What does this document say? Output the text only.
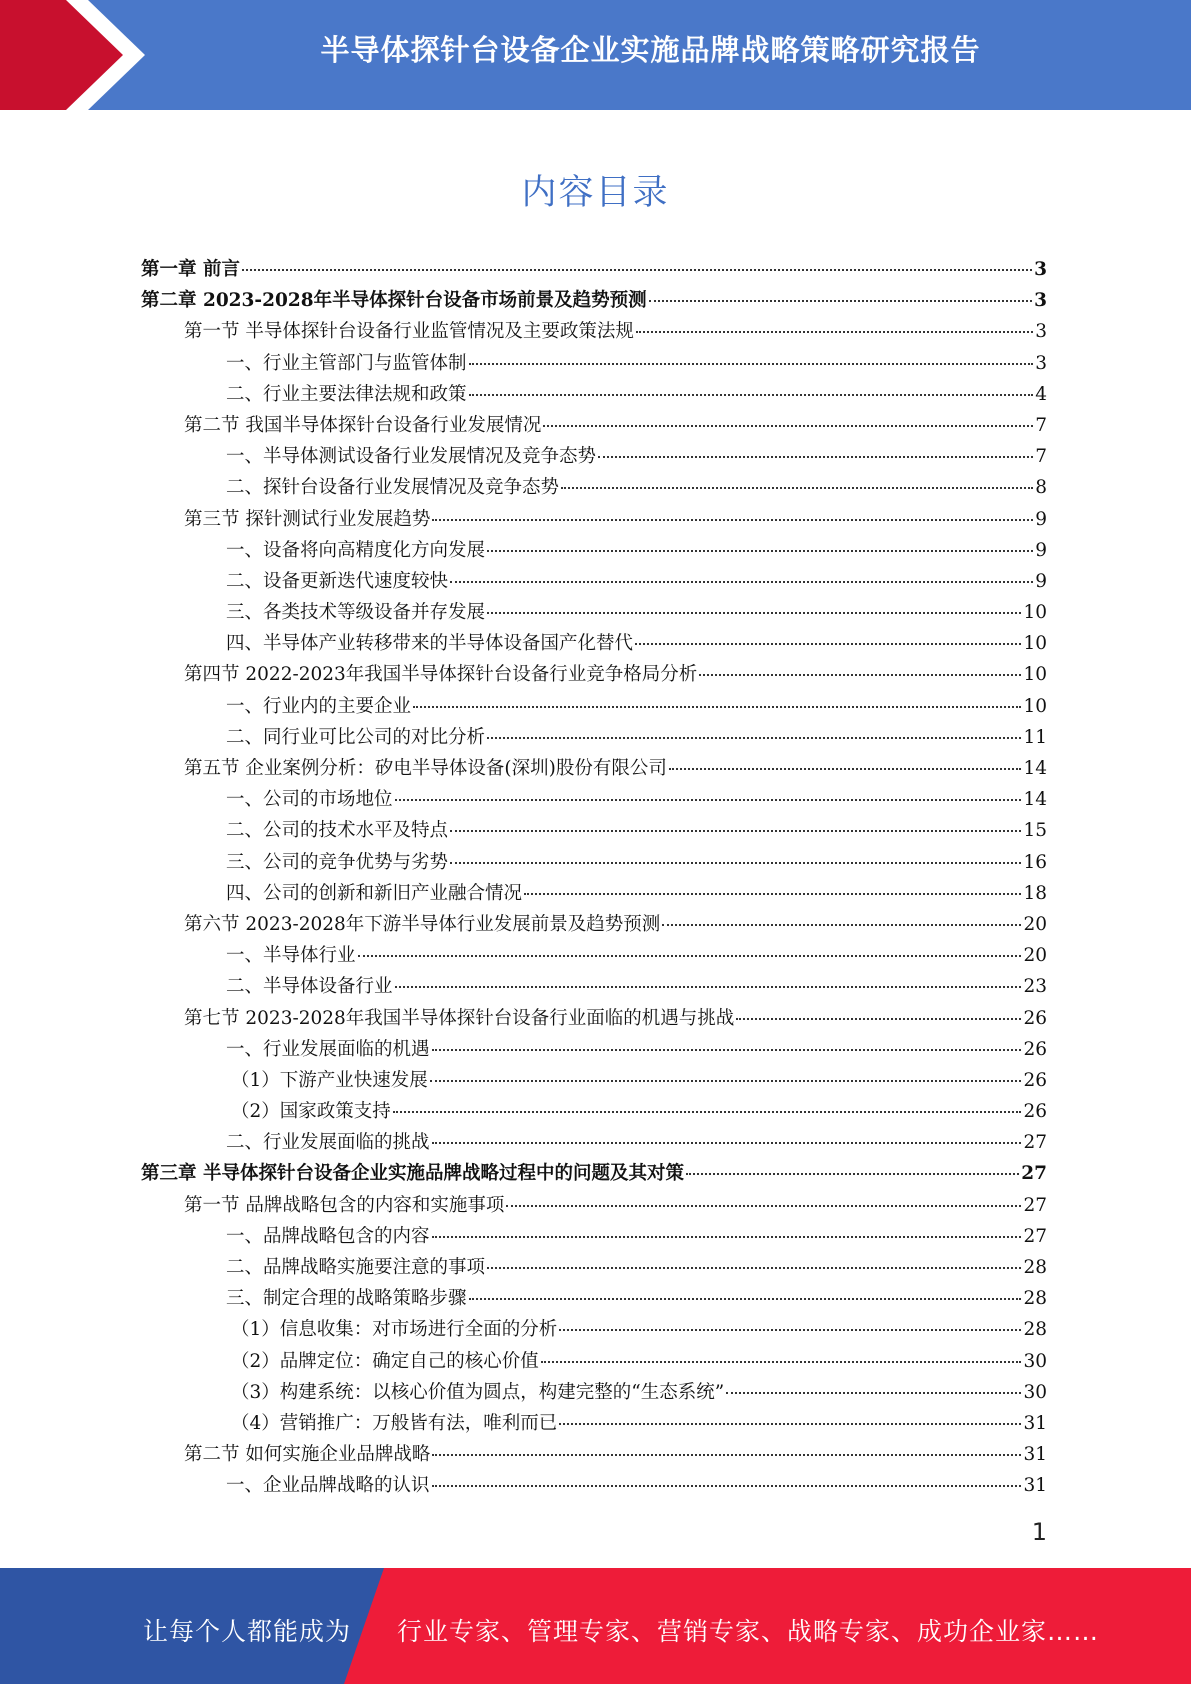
半导体探针台设备企业实施品牌战略策略研究报告
内容目录
第一章 前言	3
第二章 2023-2028年半导体探针台设备市场前景及趋势预测	3
第一节 半导体探针台设备行业监管情况及主要政策法规	3
一、行业主管部门与监管体制	3
二、行业主要法律法规和政策	4
第二节 我国半导体探针台设备行业发展情况	7
一、半导体测试设备行业发展情况及竞争态势	7
二、探针台设备行业发展情况及竞争态势	8
第三节 探针测试行业发展趋势	9
一、设备将向高精度化方向发展	9
二、设备更新迭代速度较快	9
三、各类技术等级设备并存发展	10
四、半导体产业转移带来的半导体设备国产化替代	10
第四节 2022-2023年我国半导体探针台设备行业竞争格局分析	10
一、行业内的主要企业	10
二、同行业可比公司的对比分析	11
第五节 企业案例分析：矽电半导体设备(深圳)股份有限公司	14
一、公司的市场地位	14
二、公司的技术水平及特点	15
三、公司的竞争优势与劣势	16
四、公司的创新和新旧产业融合情况	18
第六节 2023-2028年下游半导体行业发展前景及趋势预测	20
一、半导体行业	20
二、半导体设备行业	23
第七节 2023-2028年我国半导体探针台设备行业面临的机遇与挑战	26
一、行业发展面临的机遇	26
（1）下游产业快速发展	26
（2）国家政策支持	26
二、行业发展面临的挑战	27
第三章 半导体探针台设备企业实施品牌战略过程中的问题及其对策	27
第一节 品牌战略包含的内容和实施事项	27
一、品牌战略包含的内容	27
二、品牌战略实施要注意的事项	28
三、制定合理的战略策略步骤	28
（1）信息收集：对市场进行全面的分析	28
（2）品牌定位：确定自己的核心价值	30
（3）构建系统：以核心价值为圆点，构建完整的“生态系统”	30
（4）营销推广：万般皆有法，唯利而已	31
第二节 如何实施企业品牌战略	31
一、企业品牌战略的认识	31
1
让每个人都能成为 行业专家、管理专家、营销专家、战略专家、成功企业家……
